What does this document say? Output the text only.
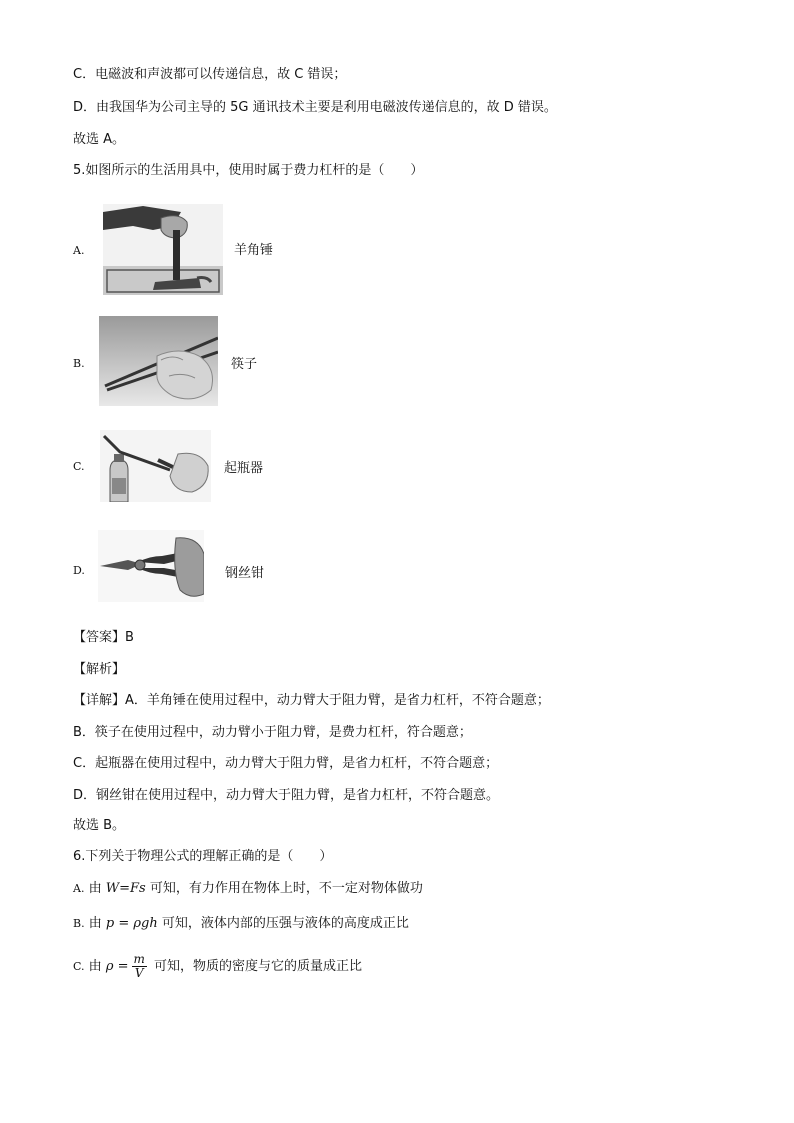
C．电磁波和声波都可以传递信息，故 C 错误；
D．由我国华为公司主导的 5G 通讯技术主要是利用电磁波传递信息的，故 D 错误。
故选 A。
5.如图所示的生活用具中，使用时属于费力杠杆的是（　　）
A.	羊角锤
B.	筷子
C.	起瓶器
D.	钢丝钳
【答案】B
【解析】
【详解】A．羊角锤在使用过程中，动力臂大于阻力臂，是省力杠杆，不符合题意；
B．筷子在使用过程中，动力臂小于阻力臂，是费力杠杆，符合题意；
C．起瓶器在使用过程中，动力臂大于阻力臂，是省力杠杆，不符合题意；
D．钢丝钳在使用过程中，动力臂大于阻力臂，是省力杠杆，不符合题意。
故选 B。
6.下列关于物理公式的理解正确的是（　　）
A. 由 W=Fs 可知，有力作用在物体上时，不一定对物体做功
B. 由 p = ρgh 可知，液体内部的压强与液体的高度成正比
C. 由 $\rho = \frac{m}{V}$ 可知，物质的密度与它的质量成正比
